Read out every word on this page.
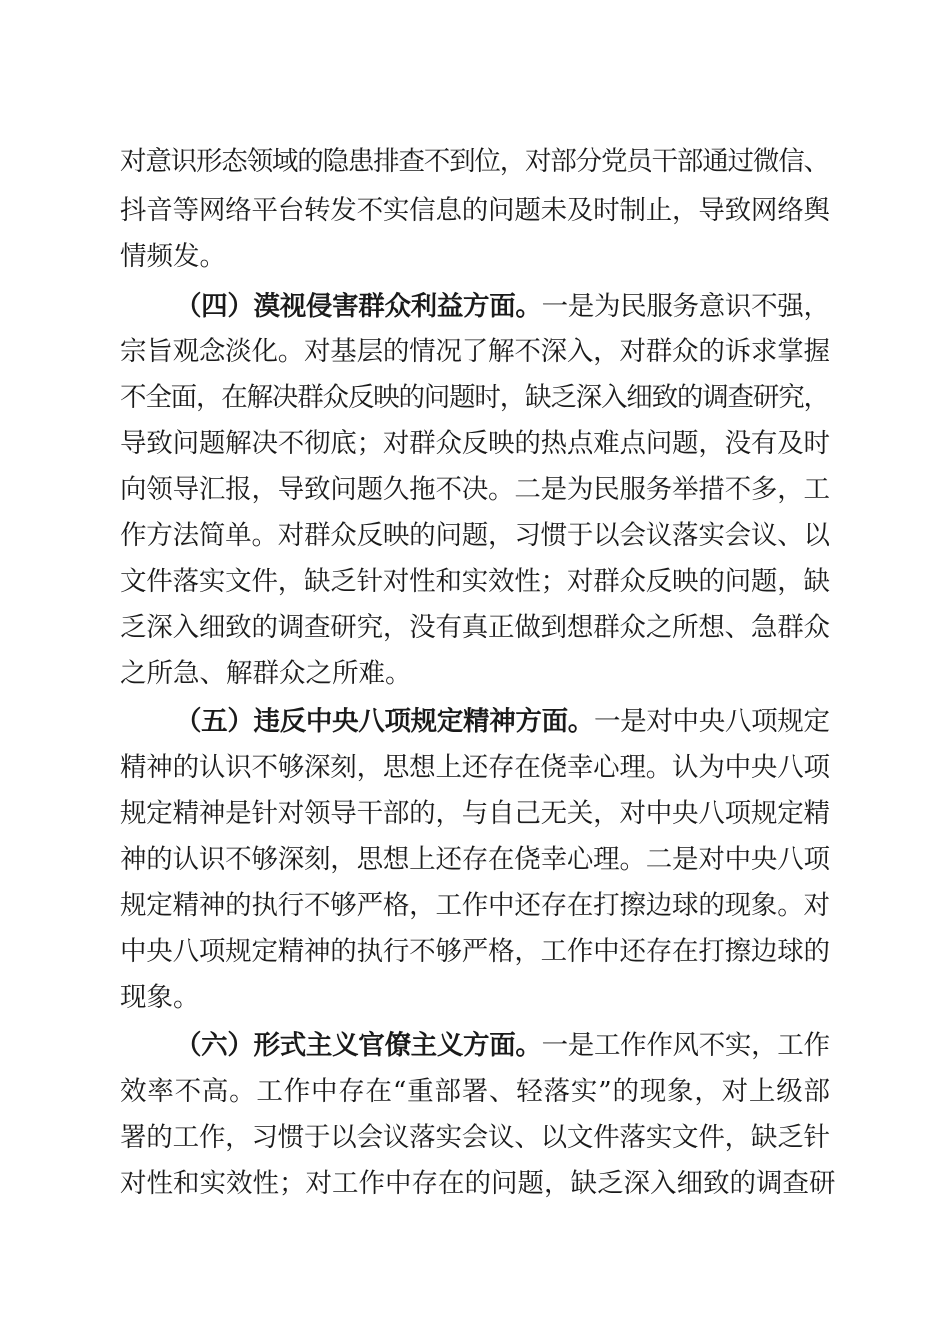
对意识形态领域的隐患排查不到位，对部分党员干部通过微信、
抖音等网络平台转发不实信息的问题未及时制止，导致网络舆
情频发。
（四）漠视侵害群众利益方面。一是为民服务意识不强，
宗旨观念淡化。对基层的情况了解不深入，对群众的诉求掌握
不全面，在解决群众反映的问题时，缺乏深入细致的调查研究，
导致问题解决不彻底；对群众反映的热点难点问题，没有及时
向领导汇报，导致问题久拖不决。二是为民服务举措不多，工
作方法简单。对群众反映的问题，习惯于以会议落实会议、以
文件落实文件，缺乏针对性和实效性；对群众反映的问题，缺
乏深入细致的调查研究，没有真正做到想群众之所想、急群众
之所急、解群众之所难。
（五）违反中央八项规定精神方面。一是对中央八项规定
精神的认识不够深刻，思想上还存在侥幸心理。认为中央八项
规定精神是针对领导干部的，与自己无关，对中央八项规定精
神的认识不够深刻，思想上还存在侥幸心理。二是对中央八项
规定精神的执行不够严格，工作中还存在打擦边球的现象。对
中央八项规定精神的执行不够严格，工作中还存在打擦边球的
现象。
（六）形式主义官僚主义方面。一是工作作风不实，工作
效率不高。工作中存在“重部署、轻落实”的现象，对上级部
署的工作，习惯于以会议落实会议、以文件落实文件，缺乏针
对性和实效性；对工作中存在的问题，缺乏深入细致的调查研
